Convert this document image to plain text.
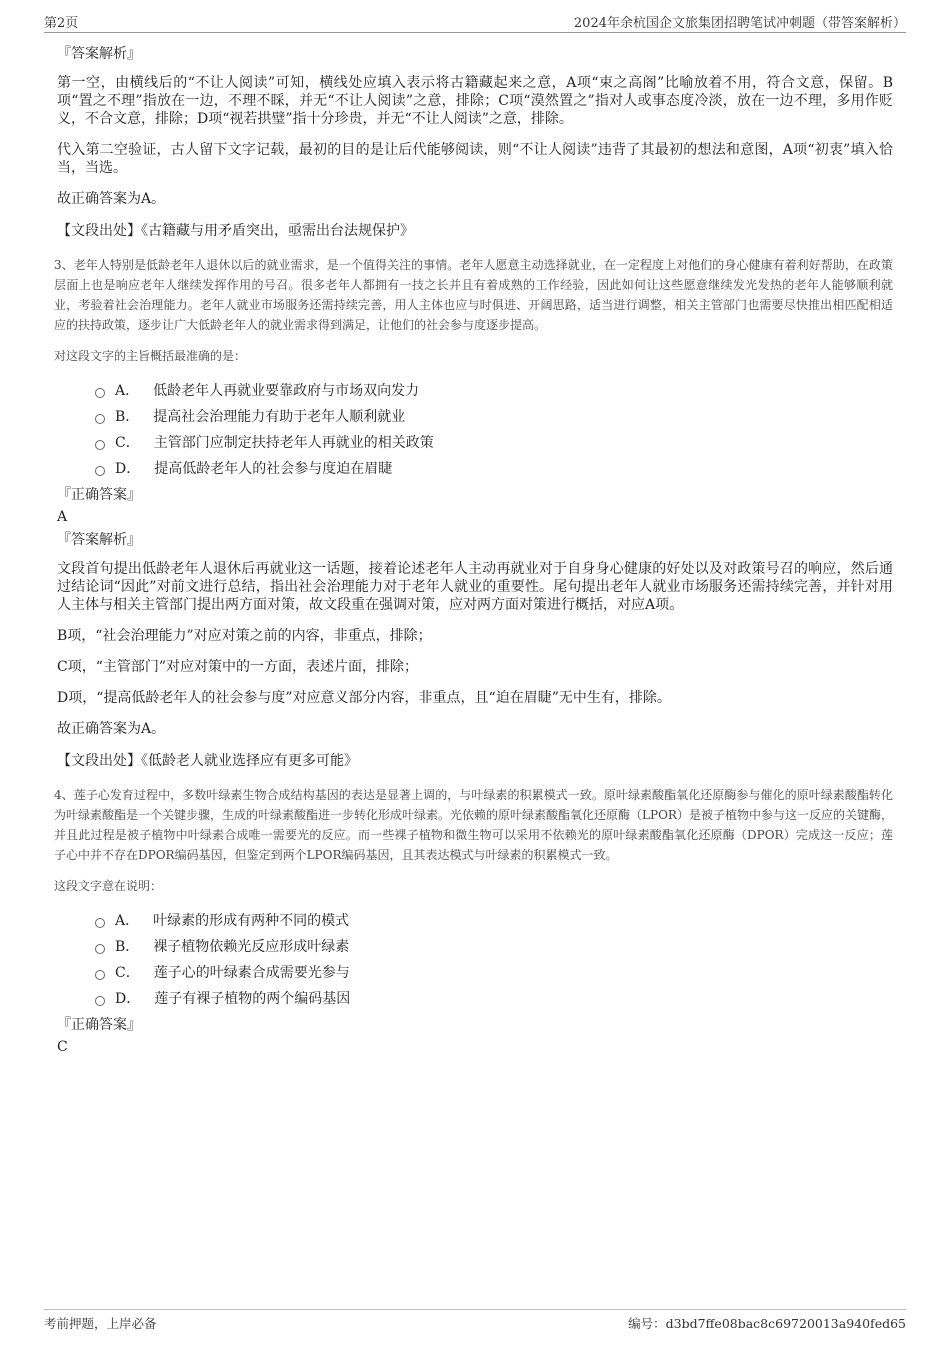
第2页	2024年余杭国企文旅集团招聘笔试冲刺题（带答案解析）
『答案解析』

第一空，由横线后的“不让人阅读”可知，横线处应填入表示将古籍藏起来之意，A项“束之高阁”比喻放着不用，符合文意，保留。B项“置之不理”指放在一边，不理不睬，并无“不让人阅读”之意，排除；C项“漠然置之”指对人或事态度冷淡，放在一边不理，多用作贬义，不合文意，排除；D项“视若拱璧”指十分珍贵，并无“不让人阅读”之意，排除。

代入第二空验证，古人留下文字记载，最初的目的是让后代能够阅读，则“不让人阅读”违背了其最初的想法和意图，A项“初衷”填入恰当，当选。

故正确答案为A。

【文段出处】《古籍藏与用矛盾突出，亟需出台法规保护》

3、老年人特别是低龄老年人退休以后的就业需求，是一个值得关注的事情。老年人愿意主动选择就业，在一定程度上对他们的身心健康有着利好帮助，在政策层面上也是响应老年人继续发挥作用的号召。很多老年人都拥有一技之长并且有着成熟的工作经验，因此如何让这些愿意继续发光发热的老年人能够顺利就业，考验着社会治理能力。老年人就业市场服务还需持续完善，用人主体也应与时俱进、开阔思路，适当进行调整，相关主管部门也需要尽快推出相匹配相适应的扶持政策，逐步让广大低龄老年人的就业需求得到满足，让他们的社会参与度逐步提高。

对这段文字的主旨概括最准确的是：
A． 低龄老年人再就业要靠政府与市场双向发力
B． 提高社会治理能力有助于老年人顺利就业
C． 主管部门应制定扶持老年人再就业的相关政策
D． 提高低龄老年人的社会参与度迫在眉睫
『正确答案』
A
『答案解析』

文段首句提出低龄老年人退休后再就业这一话题，接着论述老年人主动再就业对于自身身心健康的好处以及对政策号召的响应，然后通过结论词“因此”对前文进行总结，指出社会治理能力对于老年人就业的重要性。尾句提出老年人就业市场服务还需持续完善，并针对用人主体与相关主管部门提出两方面对策，故文段重在强调对策，应对两方面对策进行概括，对应A项。

B项，“社会治理能力”对应对策之前的内容，非重点，排除；

C项，“主管部门”对应对策中的一方面，表述片面，排除；

D项，“提高低龄老年人的社会参与度”对应意义部分内容，非重点，且“迫在眉睫”无中生有，排除。

故正确答案为A。

【文段出处】《低龄老人就业选择应有更多可能》

4、莲子心发育过程中，多数叶绿素生物合成结构基因的表达是显著上调的，与叶绿素的积累模式一致。原叶绿素酸酯氧化还原酶参与催化的原叶绿素酸酯转化为叶绿素酸酯是一个关键步骤，生成的叶绿素酸酯进一步转化形成叶绿素。光依赖的原叶绿素酸酯氧化还原酶（LPOR）是被子植物中参与这一反应的关键酶，并且此过程是被子植物中叶绿素合成唯一需要光的反应。而一些裸子植物和微生物可以采用不依赖光的原叶绿素酸酯氧化还原酶（DPOR）完成这一反应；莲子心中并不存在DPOR编码基因，但鉴定到两个LPOR编码基因，且其表达模式与叶绿素的积累模式一致。

这段文字意在说明：
A． 叶绿素的形成有两种不同的模式
B． 裸子植物依赖光反应形成叶绿素
C． 莲子心的叶绿素合成需要光参与
D． 莲子有裸子植物的两个编码基因
『正确答案』
C
考前押题，上岸必备	编号：d3bd7ffe08bac8c69720013a940fed65
